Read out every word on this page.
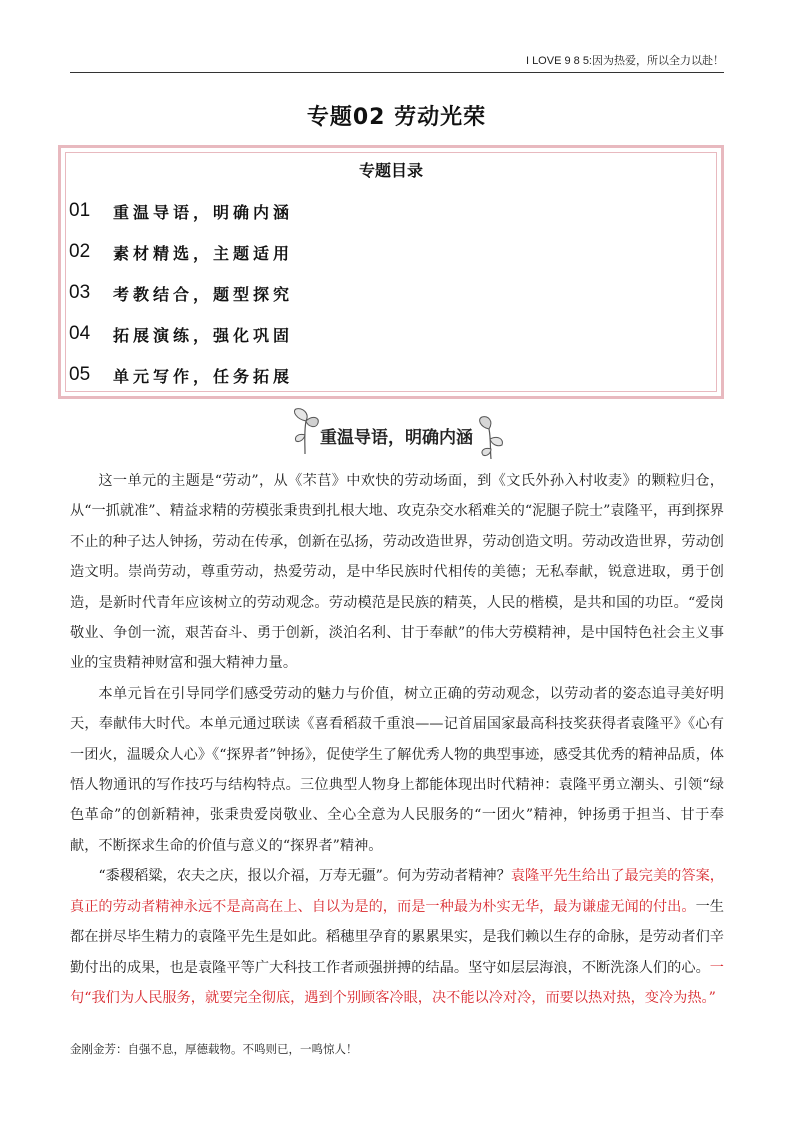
I LOVE 9 8 5:因为热爱，所以全力以赴！
专题02 劳动光荣
专题目录
01	重温导语，明确内涵
02	素材精选，主题适用
03	考教结合，题型探究
04	拓展演练，强化巩固
05	单元写作，任务拓展
重温导语，明确内涵

这一单元的主题是“劳动”，从《芣苢》中欢快的劳动场面，到《文氏外孙入村收麦》的颗粒归仓，从“一抓就准”、精益求精的劳模张秉贵到扎根大地、攻克杂交水稻难关的“泥腿子院士”袁隆平，再到探界不止的种子达人钟扬，劳动在传承，创新在弘扬，劳动改造世界，劳动创造文明。劳动改造世界，劳动创造文明。崇尚劳动，尊重劳动，热爱劳动，是中华民族时代相传的美德；无私奉献，锐意进取，勇于创造，是新时代青年应该树立的劳动观念。劳动模范是民族的精英，人民的楷模，是共和国的功臣。“爱岗敬业、争创一流，艰苦奋斗、勇于创新，淡泊名利、甘于奉献”的伟大劳模精神，是中国特色社会主义事业的宝贵精神财富和强大精神力量。

本单元旨在引导同学们感受劳动的魅力与价值，树立正确的劳动观念，以劳动者的姿态追寻美好明天，奉献伟大时代。本单元通过联读《喜看稻菽千重浪——记首届国家最高科技奖获得者袁隆平》《心有一团火，温暖众人心》《“探界者”钟扬》，促使学生了解优秀人物的典型事迹，感受其优秀的精神品质，体悟人物通讯的写作技巧与结构特点。三位典型人物身上都能体现出时代精神：袁隆平勇立潮头、引领“绿色革命”的创新精神，张秉贵爱岗敬业、全心全意为人民服务的“一团火”精神，钟扬勇于担当、甘于奉献，不断探求生命的价值与意义的“探界者”精神。

“黍稷稻粱，农夫之庆，报以介福，万寿无疆”。何为劳动者精神？袁隆平先生给出了最完美的答案，真正的劳动者精神永远不是高高在上、自以为是的，而是一种最为朴实无华，最为谦虚无闻的付出。一生都在拼尽毕生精力的袁隆平先生是如此。稻穗里孕育的累累果实，是我们赖以生存的命脉，是劳动者们辛勤付出的成果，也是袁隆平等广大科技工作者顽强拼搏的结晶。坚守如层层海浪，不断洗涤人们的心。一句“我们为人民服务，就要完全彻底，遇到个别顾客冷眼，决不能以冷对冷，而要以热对热，变冷为热。”

金刚金芳：自强不息，厚德载物。不鸣则已，一鸣惊人！
